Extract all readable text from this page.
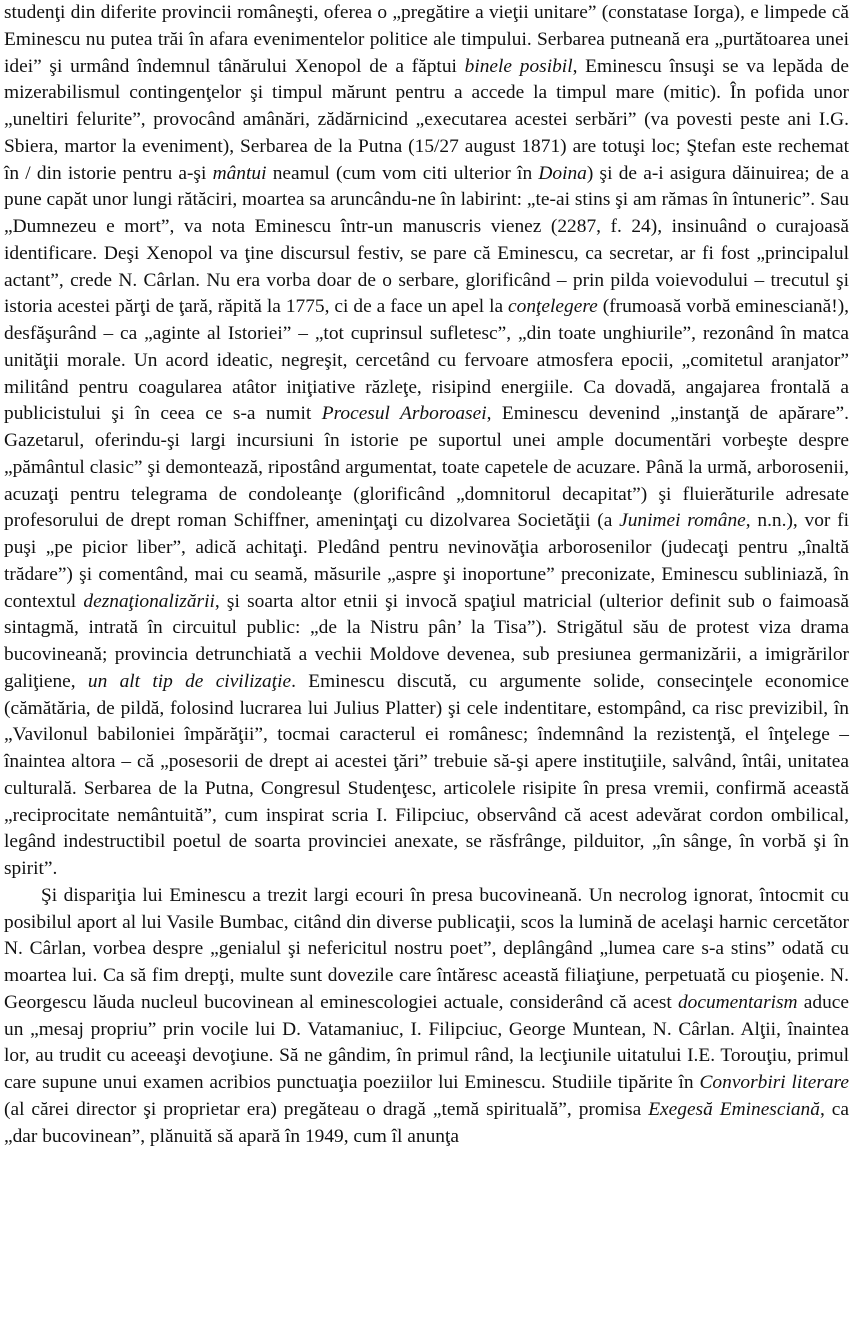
studenţi din diferite provincii româneşti, oferea o „pregătire a vieţii unitare” (constatase Iorga), e limpede că Eminescu nu putea trăi în afara evenimentelor politice ale timpului. Serbarea putneană era „purtătoarea unei idei” şi urmând îndemnul tânărului Xenopol de a făptui binele posibil, Eminescu însuşi se va lepăda de mizerabilismul contingenţelor şi timpul mărunt pentru a accede la timpul mare (mitic). În pofida unor „uneltiri felurite”, provocând amânări, zădărnicind „executarea acestei serbări” (va povesti peste ani I.G. Sbiera, martor la eveniment), Serbarea de la Putna (15/27 august 1871) are totuşi loc; Ştefan este rechemat în / din istorie pentru a-şi mântui neamul (cum vom citi ulterior în Doina) şi de a-i asigura dăinuirea; de a pune capăt unor lungi rătăciri, moartea sa aruncându-ne în labirint: „te-ai stins şi am rămas în întuneric”. Sau „Dumnezeu e mort”, va nota Eminescu într-un manuscris vienez (2287, f. 24), insinuând o curajoasă identificare. Deşi Xenopol va ţine discursul festiv, se pare că Eminescu, ca secretar, ar fi fost „principalul actant”, crede N. Cârlan. Nu era vorba doar de o serbare, glorificând – prin pilda voievodului – trecutul şi istoria acestei părţi de ţară, răpită la 1775, ci de a face un apel la conţelegere (frumoasă vorbă eminesciană!), desfăşurând – ca „aginte al Istoriei” – „tot cuprinsul sufletesc”, „din toate unghiurile”, rezonând în matca unităţii morale. Un acord ideatic, negreşit, cercetând cu fervoare atmosfera epocii, „comitetul aranjator” militând pentru coagularea atâtor iniţiative răzleţe, risipind energiile. Ca dovadă, angajarea frontală a publicistului şi în ceea ce s-a numit Procesul Arboroasei, Eminescu devenind „instanţă de apărare”. Gazetarul, oferindu-şi largi incursiuni în istorie pe suportul unei ample documentări vorbeşte despre „pământul clasic” şi demontează, ripostând argumentat, toate capetele de acuzare. Până la urmă, arborosenii, acuzaţi pentru telegrama de condoleanţe (glorificând „domnitorul decapitat”) şi fluierăturile adresate profesorului de drept roman Schiffner, ameninţaţi cu dizolvarea Societăţii (a Junimei române, n.n.), vor fi puşi „pe picior liber”, adică achitaţi. Pledând pentru nevinovăţia arborosenilor (judecaţi pentru „înaltă trădare”) şi comentând, mai cu seamă, măsurile „aspre şi inoportune” preconizate, Eminescu subliniază, în contextul deznaţionalizării, şi soarta altor etnii şi invocă spaţiul matricial (ulterior definit sub o faimoasă sintagmă, intrată în circuitul public: „de la Nistru pân’ la Tisa”). Strigătul său de protest viza drama bucovineană; provincia detrunchiată a vechii Moldove devenea, sub presiunea germanizării, a imigrărilor galiţiene, un alt tip de civilizaţie. Eminescu discută, cu argumente solide, consecinţele economice (cămătăria, de pildă, folosind lucrarea lui Julius Platter) şi cele indentitare, estompând, ca risc previzibil, în „Vavilonul babiloniei împărăţii”, tocmai caracterul ei românesc; îndemnând la rezistenţă, el înţelege – înaintea altora – că „posesorii de drept ai acestei ţări” trebuie să-şi apere instituţiile, salvând, întâi, unitatea culturală. Serbarea de la Putna, Congresul Studenţesc, articolele risipite în presa vremii, confirmă această „reciprocitate nemântuită”, cum inspirat scria I. Filipciuc, observând că acest adevărat cordon ombilical, legând indestructibil poetul de soarta provinciei anexate, se răsfrânge, pilduitor, „în sânge, în vorbă şi în spirit”.

Şi dispariţia lui Eminescu a trezit largi ecouri în presa bucovineană. Un necrolog ignorat, întocmit cu posibilul aport al lui Vasile Bumbac, citând din diverse publicaţii, scos la lumină de acelaşi harnic cercetător N. Cârlan, vorbea despre „genialul şi nefericitul nostru poet”, deplângând „lumea care s-a stins” odată cu moartea lui. Ca să fim drepţi, multe sunt dovezile care întăresc această filiaţiune, perpetuată cu pioşenie. N. Georgescu lăuda nucleul bucovinean al eminescologiei actuale, considerând că acest documentarism aduce un „mesaj propriu” prin vocile lui D. Vatamaniuc, I. Filipciuc, George Muntean, N. Cârlan. Alţii, înaintea lor, au trudit cu aceeaşi devoţiune. Să ne gândim, în primul rând, la lecţiunile uitatului I.E. Torouţiu, primul care supune unui examen acribios punctuaţia poeziilor lui Eminescu. Studiile tipărite în Convorbiri literare (al cărei director şi proprietar era) pregăteau o dragă „temă spirituală”, promisa Exegesă Eminesciană, ca „dar bucovinean”, plănuită să apară în 1949, cum îl anunţa
